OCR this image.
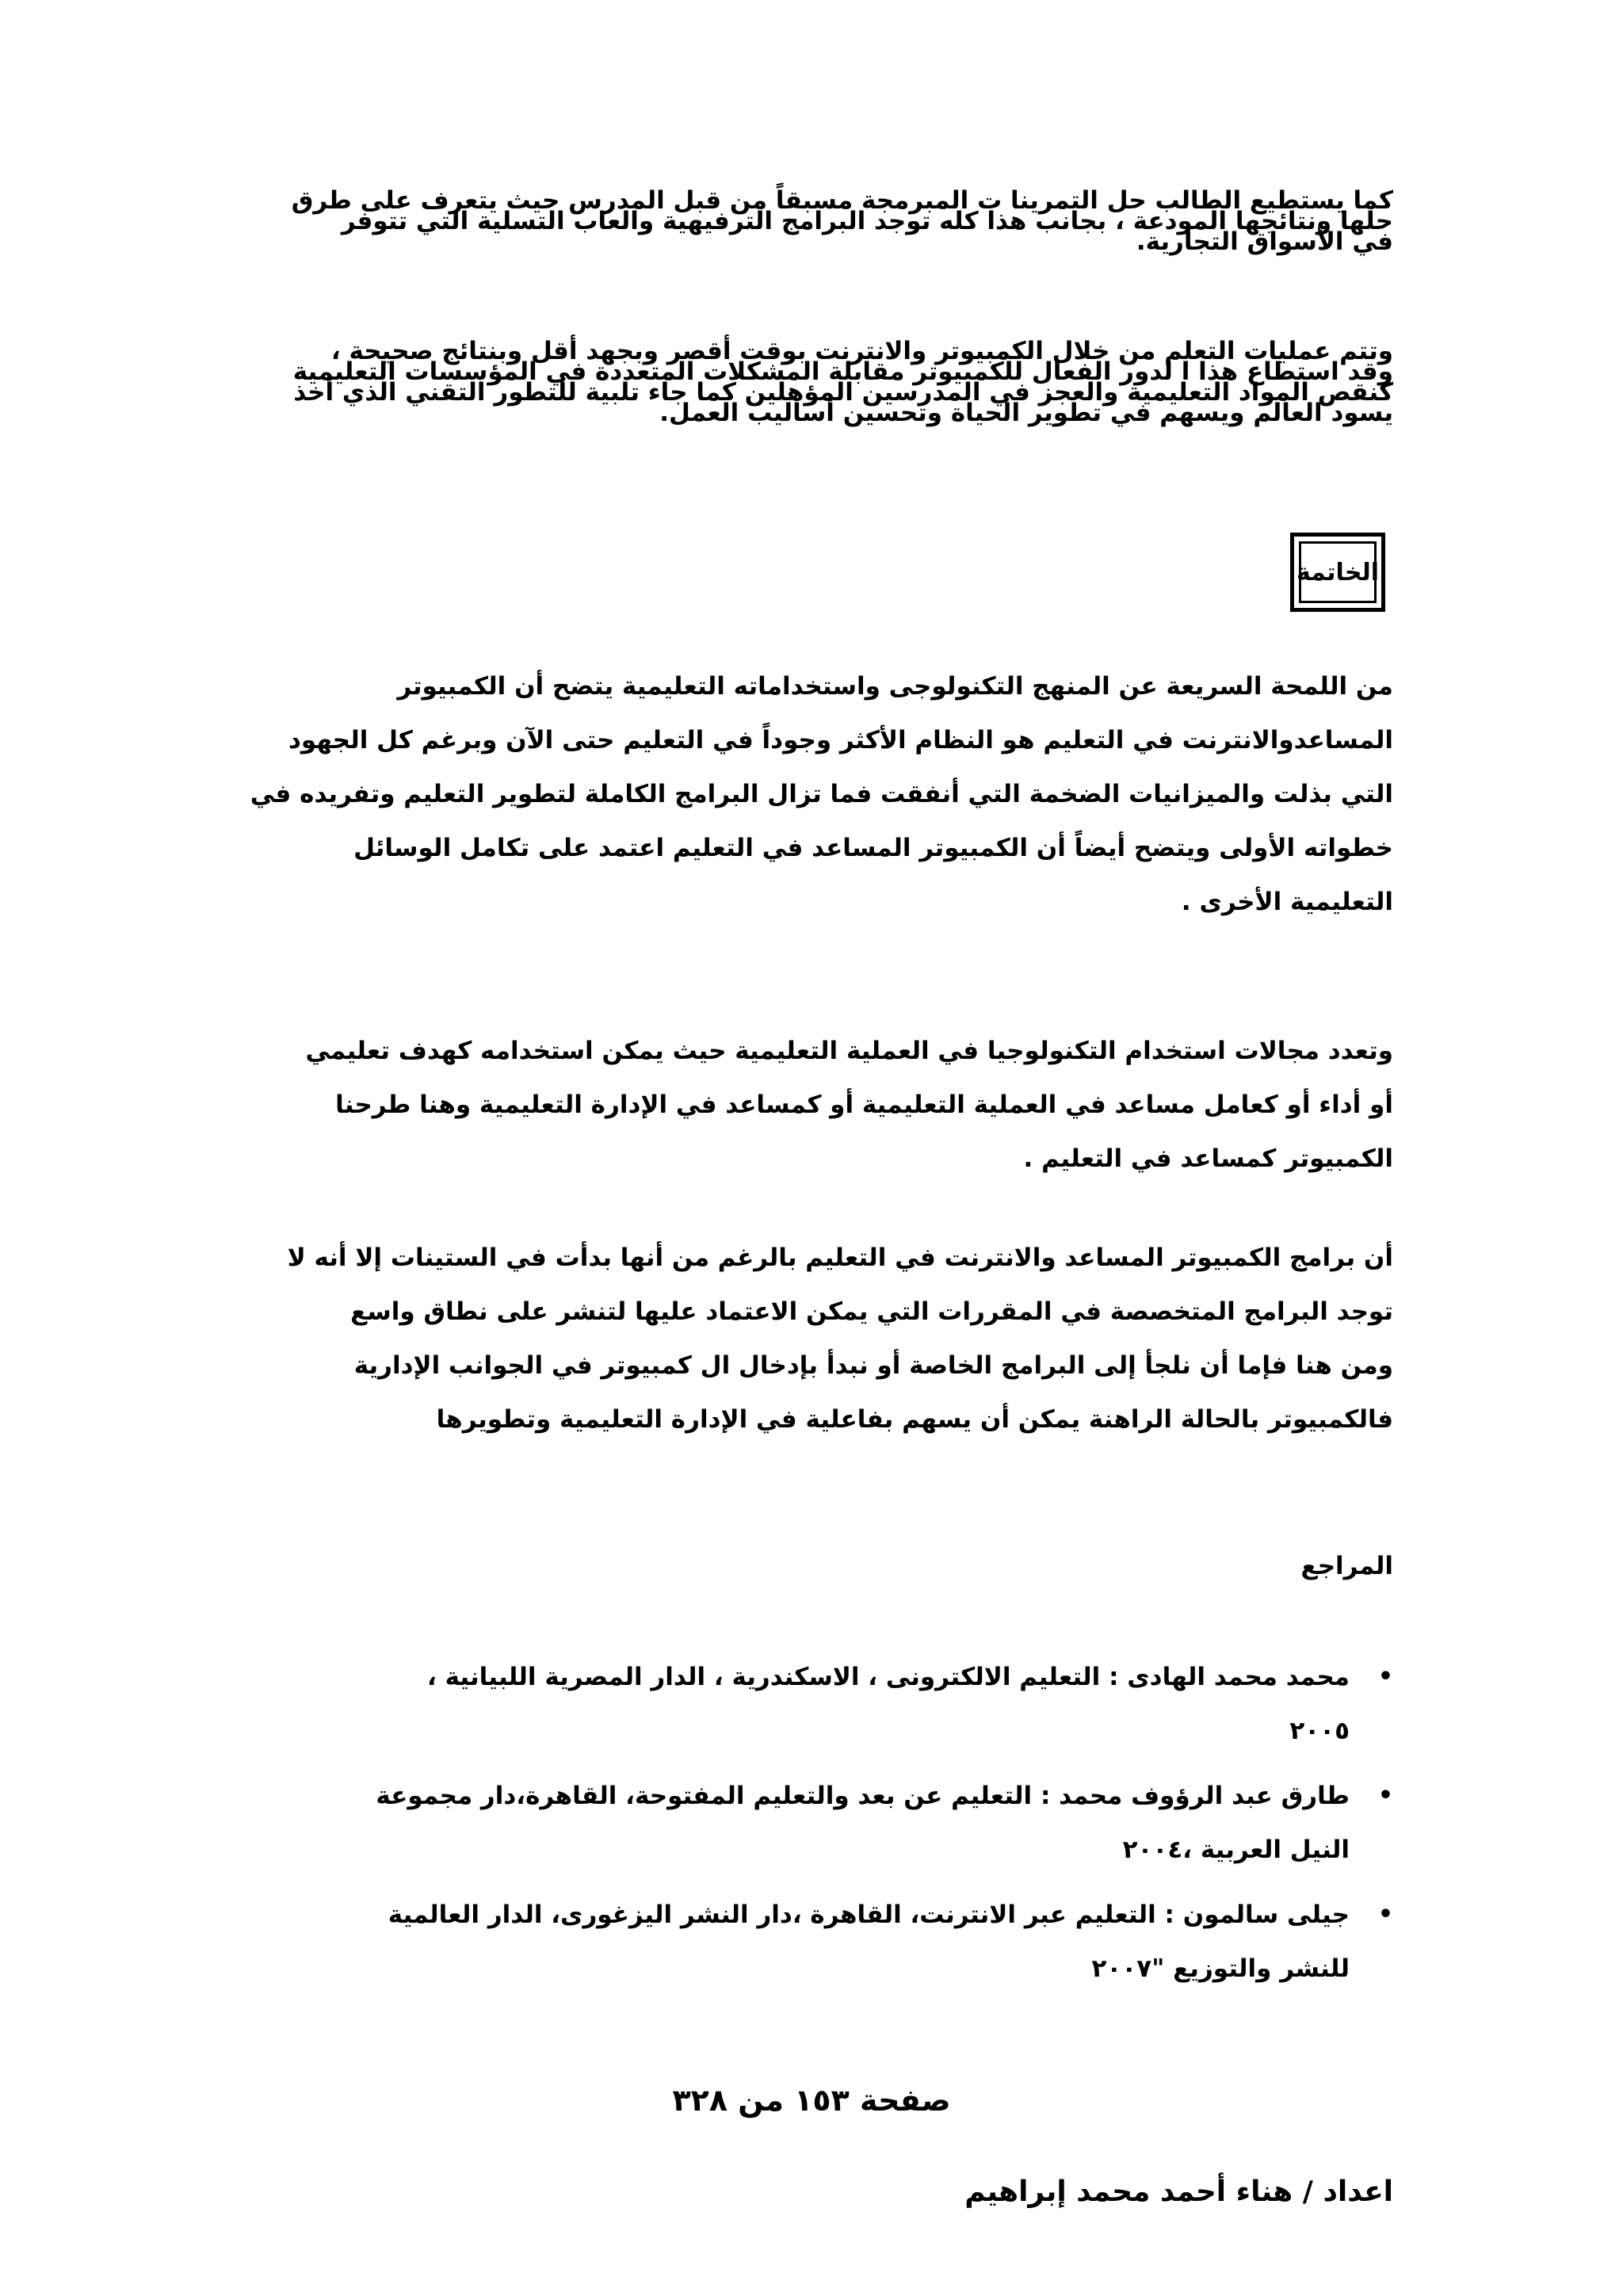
كما يستطيع الطالب حل التمرينا ت المبرمجة مسبقاً من قبل المدرس حيث يتعرف على طرق
حلها ونتائجها المودعة ، بجانب هذا كله توجد البرامج الترفيهية والعاب التسلية التي تتوفر
في الأسواق التجارية.
وتتم عمليات التعلم من خلال الكمبيوتر والانترنت بوقت أقصر وبجهد أقل وبنتائج صحيحة ،
وقد استطاع هذا ا لدور الفعال للكمبيوتر مقابلة المشكلات المتعددة في المؤسسات التعليمية
كنقص المواد التعليمية والعجز في المدرسين المؤهلين كما جاء تلبية للتطور التقني الذي أخذ
يسود العالم ويسهم في تطوير الحياة وتحسين أساليب العمل.
الخاتمة
من اللمحة السريعة عن المنهج التكنولوجى واستخداماته التعليمية يتضح أن الكمبيوتر
المساعدوالانترنت في التعليم هو النظام الأكثر وجوداً في التعليم حتى الآن وبرغم كل الجهود
التي بذلت والميزانيات الضخمة التي أنفقت فما تزال البرامج الكاملة لتطوير التعليم وتفريده في
خطواته الأولى ويتضح أيضاً أن الكمبيوتر المساعد في التعليم اعتمد على تكامل الوسائل
التعليمية الأخرى .
وتعدد مجالات استخدام التكنولوجيا في العملية التعليمية حيث يمكن استخدامه كهدف تعليمي
أو أداء أو كعامل مساعد في العملية التعليمية أو كمساعد في الإدارة التعليمية وهنا طرحنا
الكمبيوتر كمساعد في التعليم .
أن برامج الكمبيوتر المساعد والانترنت في التعليم بالرغم من أنها بدأت في الستينات إلا أنه لا
توجد البرامج المتخصصة في المقررات التي يمكن الاعتماد عليها لتنشر على نطاق واسع
ومن هنا فإما أن نلجأ إلى البرامج الخاصة أو نبدأ بإدخال ال كمبيوتر في الجوانب الإدارية
فالكمبيوتر بالحالة الراهنة يمكن أن يسهم بفاعلية في الإدارة التعليمية وتطويرها
المراجع
•
محمد محمد الهادى : التعليم الالكترونى ، الاسكندرية ، الدار المصرية اللبيانية ،
٢٠٠٥
•
طارق عبد الرؤوف محمد : التعليم عن بعد والتعليم المفتوحة، القاهرة،دار مجموعة
النيل العربية ،٢٠٠٤
•
جيلى سالمون : التعليم عبر الانترنت، القاهرة ،دار النشر اليزغورى، الدار العالمية
للنشر والتوزيع "٢٠٠٧
صفحة ١٥٣ من ٣٢٨
اعداد / هناء أحمد محمد إبراهيم
